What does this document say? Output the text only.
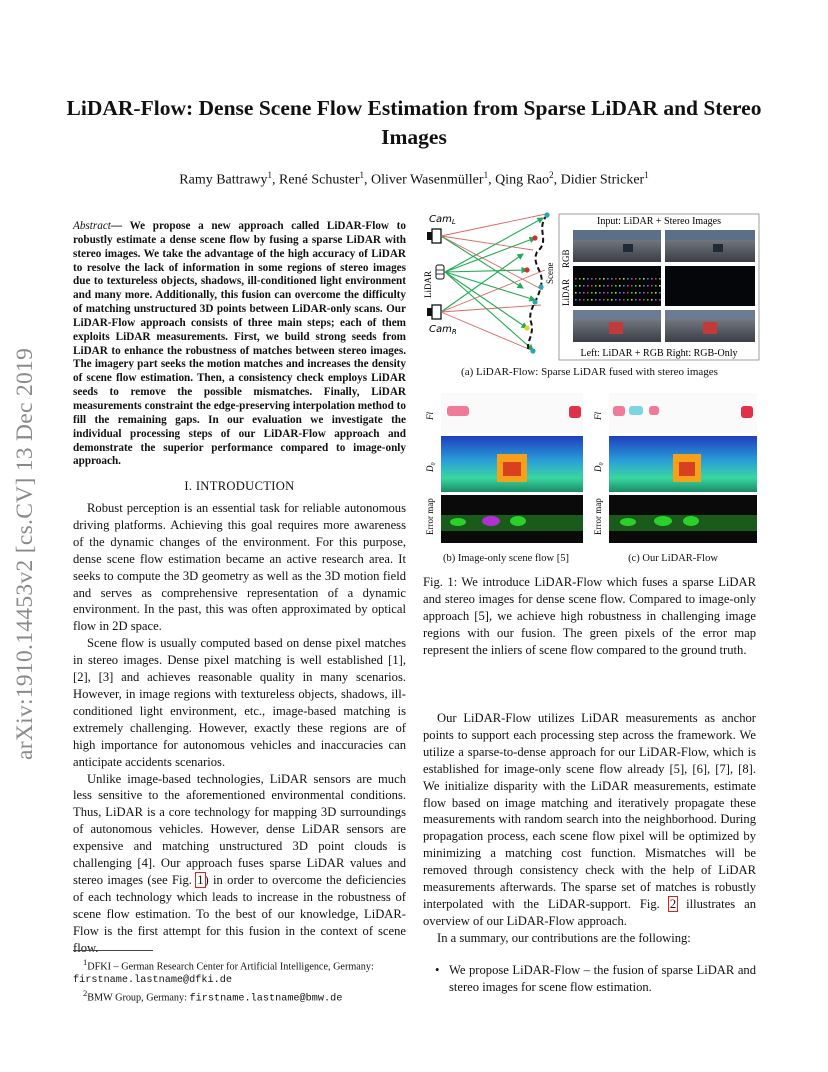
LiDAR-Flow: Dense Scene Flow Estimation from Sparse LiDAR and Stereo Images
Ramy Battrawy$^1$, René Schuster$^1$, Oliver Wasenmüller$^1$, Qing Rao$^2$, Didier Stricker$^1$
arXiv:1910.14453v2 [cs.CV] 13 Dec 2019
Abstract— We propose a new approach called LiDAR-Flow to robustly estimate a dense scene flow by fusing a sparse LiDAR with stereo images. We take the advantage of the high accuracy of LiDAR to resolve the lack of information in some regions of stereo images due to textureless objects, shadows, ill-conditioned light environment and many more. Additionally, this fusion can overcome the difficulty of matching unstructured 3D points between LiDAR-only scans. Our LiDAR-Flow approach consists of three main steps; each of them exploits LiDAR measurements. First, we build strong seeds from LiDAR to enhance the robustness of matches between stereo images. The imagery part seeks the motion matches and increases the density of scene flow estimation. Then, a consistency check employs LiDAR seeds to remove the possible mismatches. Finally, LiDAR measurements constraint the edge-preserving interpolation method to fill the remaining gaps. In our evaluation we investigate the individual processing steps of our LiDAR-Flow approach and demonstrate the superior performance compared to image-only approach.
I. INTRODUCTION

Robust perception is an essential task for reliable autonomous driving platforms. Achieving this goal requires more awareness of the dynamic changes of the environment. For this purpose, dense scene flow estimation became an active research area. It seeks to compute the 3D geometry as well as the 3D motion field and serves as comprehensive representation of a dynamic environment. In the past, this was often approximated by optical flow in 2D space.

Scene flow is usually computed based on dense pixel matches in stereo images. Dense pixel matching is well established [1], [2], [3] and achieves reasonable quality in many scenarios. However, in image regions with textureless objects, shadows, ill-conditioned light environment, etc., image-based matching is extremely challenging. However, exactly these regions are of high importance for autonomous vehicles and inaccuracies can anticipate accidents scenarios.

Unlike image-based technologies, LiDAR sensors are much less sensitive to the aforementioned environmental conditions. Thus, LiDAR is a core technology for mapping 3D surroundings of autonomous vehicles. However, dense LiDAR sensors are expensive and matching unstructured 3D point clouds is challenging [4]. Our approach fuses sparse LiDAR values and stereo images (see Fig. 1) in order to overcome the deficiencies of each technology which leads to increase in the robustness of scene flow estimation. To the best of our knowledge, LiDAR-Flow is the first attempt for this fusion in the context of scene flow.

$^1$DFKI – German Research Center for Artificial Intelligence, Germany:
firstname.lastname@dfki.de
$^2$BMW Group, Germany: firstname.lastname@bmw.de
Cam$_L$
Cam$_R$
LiDAR	Scene
Input: LiDAR + Stereo Images
RGB
LiDAR
Left: LiDAR + RGB Right: RGB-Only
Fl
$D_0$
Error map
Fl
$D_0$
Error map
(a) LiDAR-Flow: Sparse LiDAR fused with stereo images
(b) Image-only scene flow [5]	(c) Our LiDAR-Flow
Fig. 1: We introduce LiDAR-Flow which fuses a sparse LiDAR and stereo images for dense scene flow. Compared to image-only approach [5], we achieve high robustness in challenging image regions with our fusion. The green pixels of the error map represent the inliers of scene flow compared to the ground truth.

Our LiDAR-Flow utilizes LiDAR measurements as anchor points to support each processing step across the framework. We utilize a sparse-to-dense approach for our LiDAR-Flow, which is established for image-only scene flow already [5], [6], [7], [8]. We initialize disparity with the LiDAR measurements, estimate flow based on image matching and iteratively propagate these measurements with random search into the neighborhood. During propagation process, each scene flow pixel will be optimized by minimizing a matching cost function. Mismatches will be removed through consistency check with the help of LiDAR measurements afterwards. The sparse set of matches is robustly interpolated with the LiDAR-support. Fig. 2 illustrates an overview of our LiDAR-Flow approach.

In a summary, our contributions are the following:

• We propose LiDAR-Flow – the fusion of sparse LiDAR and stereo images for scene flow estimation.
